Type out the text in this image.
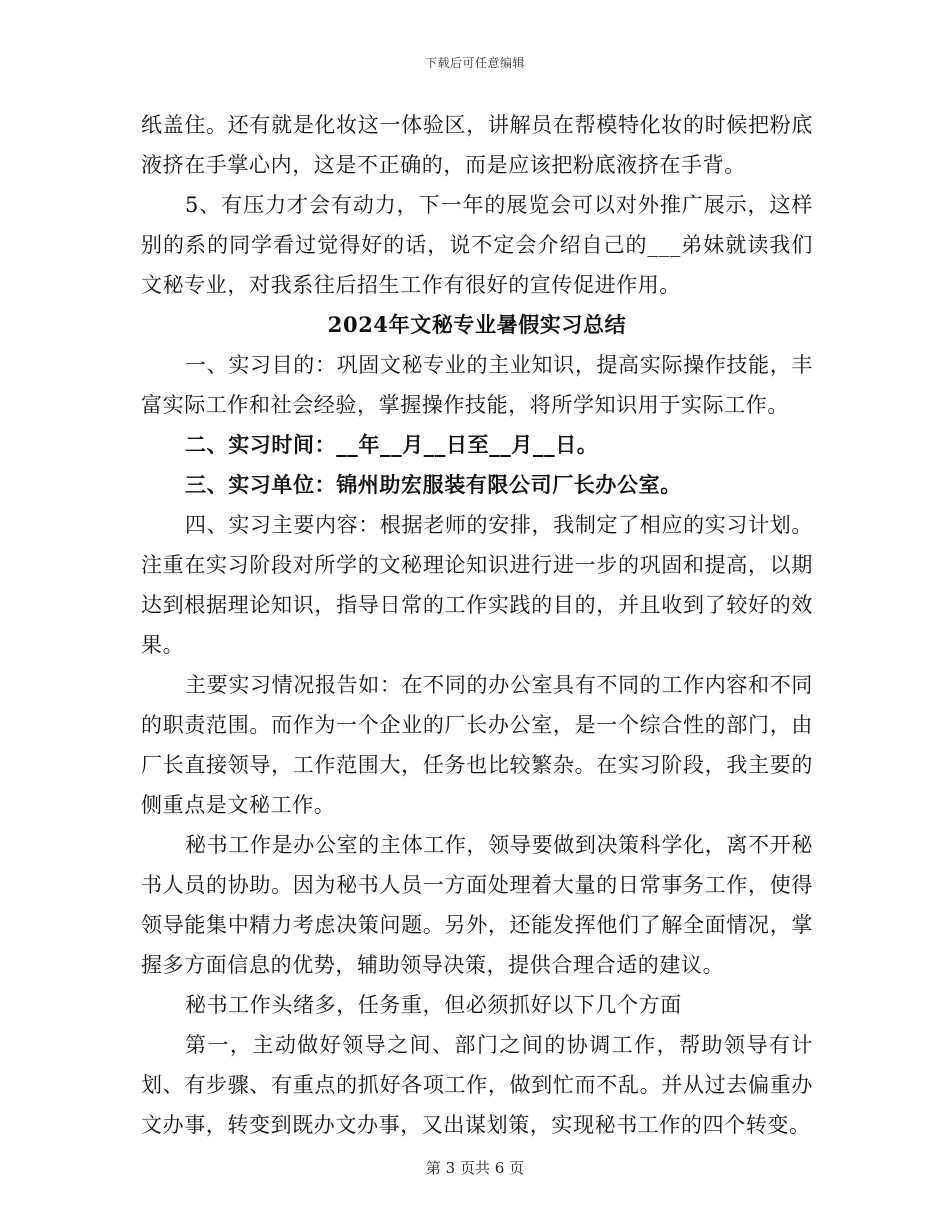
下载后可任意编辑

纸盖住。还有就是化妆这一体验区，讲解员在帮模特化妆的时候把粉底液挤在手掌心内，这是不正确的，而是应该把粉底液挤在手背。

5、有压力才会有动力，下一年的展览会可以对外推广展示，这样别的系的同学看过觉得好的话，说不定会介绍自己的___弟妹就读我们文秘专业，对我系往后招生工作有很好的宣传促进作用。

2024年文秘专业暑假实习总结

一、实习目的：巩固文秘专业的主业知识，提高实际操作技能，丰富实际工作和社会经验，掌握操作技能，将所学知识用于实际工作。

二、实习时间：__年__月__日至__月__日。

三、实习单位：锦州助宏服装有限公司厂长办公室。

四、实习主要内容：根据老师的安排，我制定了相应的实习计划。注重在实习阶段对所学的文秘理论知识进行进一步的巩固和提高，以期达到根据理论知识，指导日常的工作实践的目的，并且收到了较好的效果。

主要实习情况报告如：在不同的办公室具有不同的工作内容和不同的职责范围。而作为一个企业的厂长办公室，是一个综合性的部门，由厂长直接领导，工作范围大，任务也比较繁杂。在实习阶段，我主要的侧重点是文秘工作。

秘书工作是办公室的主体工作，领导要做到决策科学化，离不开秘书人员的协助。因为秘书人员一方面处理着大量的日常事务工作，使得领导能集中精力考虑决策问题。另外，还能发挥他们了解全面情况，掌握多方面信息的优势，辅助领导决策，提供合理合适的建议。

秘书工作头绪多，任务重，但必须抓好以下几个方面

第一，主动做好领导之间、部门之间的协调工作，帮助领导有计划、有步骤、有重点的抓好各项工作，做到忙而不乱。并从过去偏重办文办事，转变到既办文办事，又出谋划策，实现秘书工作的四个转变。

第 3 页共 6 页
